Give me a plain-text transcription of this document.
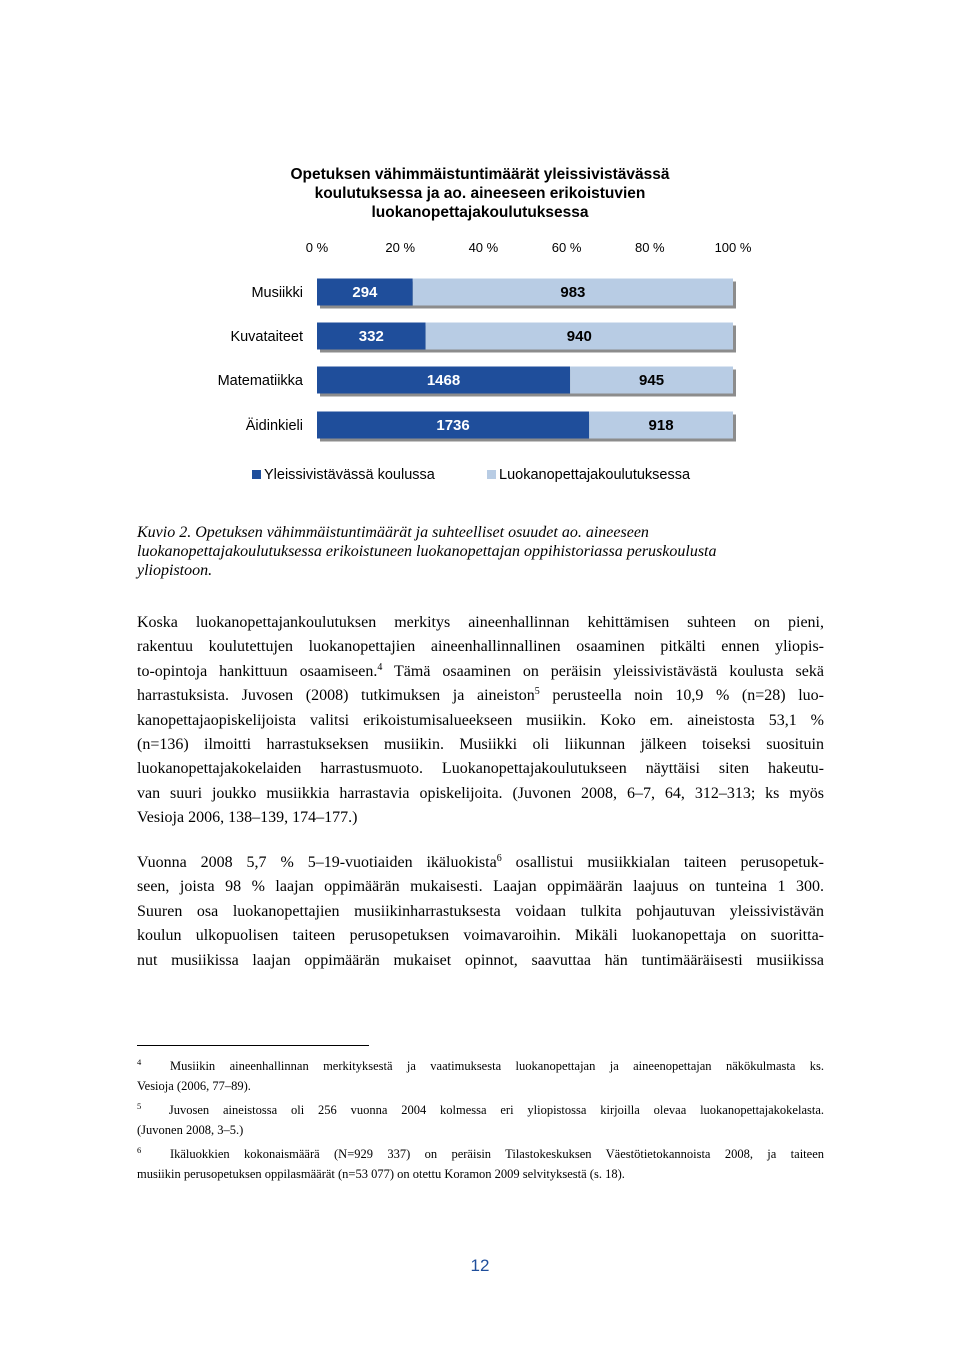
Opetuksen vähimmäistuntimäärät yleissivistävässä
koulutuksessa ja ao. aineeseen erikoistuvien
luokanopettajakoulutuksessa
0 %	20 %	40 %	60 %	80 %	100 %
Musiikki	294	983
Kuvataiteet	332	940
Matematiikka	1468	945
Äidinkieli	1736	918
Yleissivistävässä koulussa	Luokanopettajakoulutuksessa
Kuvio 2. Opetuksen vähimmäistuntimäärät ja suhteelliset osuudet ao. aineeseen
luokanopettajakoulutuksessa erikoistuneen luokanopettajan oppihistoriassa peruskoulusta
yliopistoon.
Koska luokanopettajankoulutuksen merkitys aineenhallinnan kehittämisen suhteen on pieni,
rakentuu koulutettujen luokanopettajien aineenhallinnallinen osaaminen pitkälti ennen yliopis-
to-opintoja hankittuun osaamiseen.$^4$ Tämä osaaminen on peräisin yleissivistävästä koulusta sekä
harrastuksista. Juvosen (2008) tutkimuksen ja aineiston$^5$ perusteella noin 10,9 % (n=28) luo-
kanopettajaopiskelijoista valitsi erikoistumisalueekseen musiikin. Koko em. aineistosta 53,1 %
(n=136) ilmoitti harrastukseksen musiikin. Musiikki oli liikunnan jälkeen toiseksi suosituin
luokanopettajakokelaiden harrastusmuoto. Luokanopettajakoulutukseen näyttäisi siten hakeutu-
van suuri joukko musiikkia harrastavia opiskelijoita. (Juvonen 2008, 6–7, 64, 312–313; ks myös
Vesioja 2006, 138–139, 174–177.)
Vuonna 2008 5,7 % 5–19-vuotiaiden ikäluokista$^6$ osallistui musiikkialan taiteen perusopetuk-
seen, joista 98 % laajan oppimäärän mukaisesti. Laajan oppimäärän laajuus on tunteina 1 300.
Suuren osa luokanopettajien musiikinharrastuksesta voidaan tulkita pohjautuvan yleissivistävän
koulun ulkopuolisen taiteen perusopetuksen voimavaroihin. Mikäli luokanopettaja on suoritta-
nut musiikissa laajan oppimäärän mukaiset opinnot, saavuttaa hän tuntimääräisesti musiikissa
$^4$ Musiikin aineenhallinnan merkityksestä ja vaatimuksesta luokanopettajan ja aineenopettajan näkökulmasta ks.
Vesioja (2006, 77–89).
$^5$ Juvosen aineistossa oli 256 vuonna 2004 kolmessa eri yliopistossa kirjoilla olevaa luokanopettajakokelasta.
(Juvonen 2008, 3–5.)
$^6$ Ikäluokkien kokonaismäärä (N=929 337) on peräisin Tilastokeskuksen Väestötietokannoista 2008, ja taiteen
musiikin perusopetuksen oppilasmäärät (n=53 077) on otettu Koramon 2009 selvityksestä (s. 18).
12
